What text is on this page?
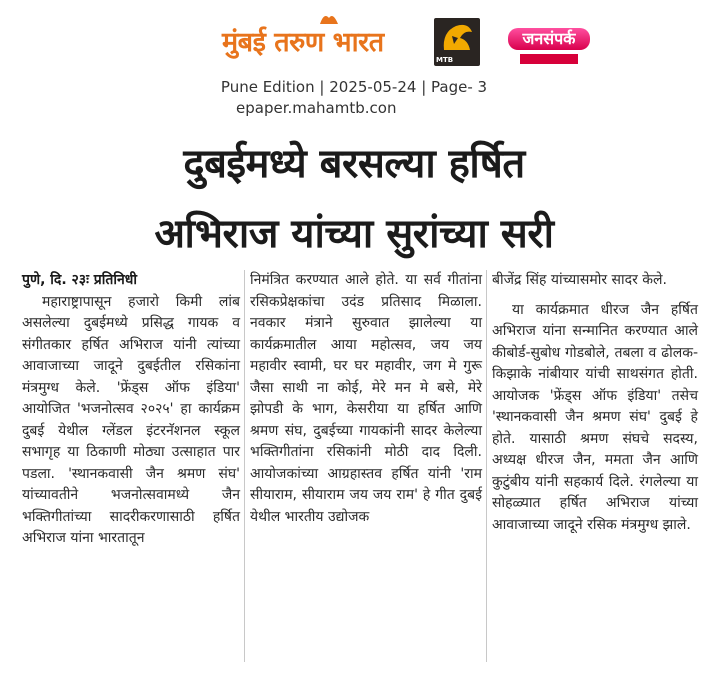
मुंबई तरुण भारत
MTB
जनसंपर्क
Pune Edition | 2025-05-24 | Page- 3
epaper.mahamtb.con
दुबईमध्ये बरसल्या हर्षित
अभिराज यांच्या सुरांच्या सरी

पुणे, दि. २३ः प्रतिनिधी

महाराष्ट्रापासून हजारो किमी लांब असलेल्या दुबईमध्ये प्रसिद्ध गायक व संगीतकार हर्षित अभिराज यांनी त्यांच्या आवाजाच्या जादूने दुबईतील रसिकांना मंत्रमुग्ध केले. 'फ्रेंड्स ऑफ इंडिया' आयोजित 'भजनोत्सव २०२५' हा कार्यक्रम दुबई येथील ग्लेंडल इंटरनॅशनल स्कूल सभागृह या ठिकाणी मोठ्या उत्साहात पार पडला. 'स्थानकवासी जैन श्रमण संघ' यांच्यावतीने भजनोत्सवामध्ये जैन भक्तिगीतांच्या सादरीकरणासाठी हर्षित अभिराज यांना भारतातून

निमंत्रित करण्यात आले होते. या सर्व गीतांना रसिकप्रेक्षकांचा उदंड प्रतिसाद मिळाला. नवकार मंत्राने सुरुवात झालेल्या या कार्यक्रमातील आया महोत्सव, जय जय महावीर स्वामी, घर घर महावीर, जग मे गुरू जैसा साथी ना कोई, मेरे मन मे बसे, मेरे झोपडी के भाग, केसरीया या हर्षित आणि श्रमण संघ, दुबईच्या गायकांनी सादर केलेल्या भक्तिगीतांना रसिकांनी मोठी दाद दिली. आयोजकांच्या आग्रहास्तव हर्षित यांनी 'राम सीयाराम, सीयाराम जय जय राम' हे गीत दुबई येथील भारतीय उद्योजक

बीजेंद्र सिंह यांच्यासमोर सादर केले.

या कार्यक्रमात धीरज जैन हर्षित अभिराज यांना सन्मानित करण्यात आले कीबोर्ड-सुबोध गोडबोले, तबला व ढोलक-किझाके नांबीयार यांची साथसंगत होती. आयोजक 'फ्रेंड्स ऑफ इंडिया' तसेच 'स्थानकवासी जैन श्रमण संघ' दुबई हे होते. यासाठी श्रमण संघचे सदस्य, अध्यक्ष धीरज जैन, ममता जैन आणि कुटुंबीय यांनी सहकार्य दिले. रंगलेल्या या सोहळ्यात हर्षित अभिराज यांच्या आवाजाच्या जादूने रसिक मंत्रमुग्ध झाले.
